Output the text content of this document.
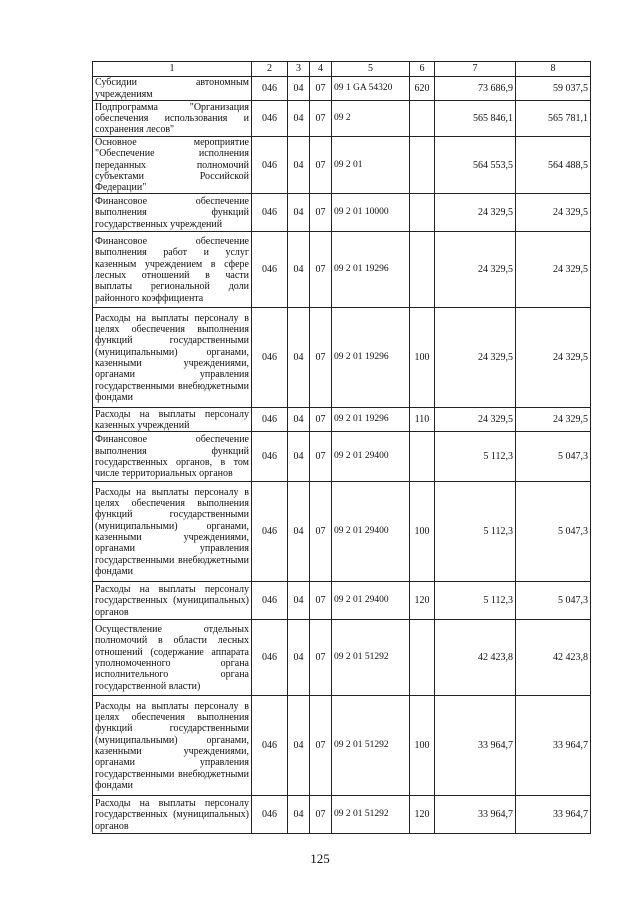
1	2	3	4	5	6	7	8
Субсидии автономным учреждениям	046	04	07	09 1 GA 54320	620	73 686,9	59 037,5
Подпрограмма "Организация обеспечения использования и сохранения лесов"	046	04	07	09 2		565 846,1	565 781,1
Основное мероприятие "Обеспечение исполнения переданных полномочий субъектами Российской Федерации"	046	04	07	09 2 01		564 553,5	564 488,5
Финансовое обеспечение выполнения функций государственных учреждений	046	04	07	09 2 01 10000		24 329,5	24 329,5
Финансовое обеспечение выполнения работ и услуг казенным учреждением в сфере лесных отношений в части выплаты региональной доли районного коэффициента	046	04	07	09 2 01 19296		24 329,5	24 329,5
Расходы на выплаты персоналу в целях обеспечения выполнения функций государственными (муниципальными) органами, казенными учреждениями, органами управления государственными внебюджетными фондами	046	04	07	09 2 01 19296	100	24 329,5	24 329,5
Расходы на выплаты персоналу казенных учреждений	046	04	07	09 2 01 19296	110	24 329,5	24 329,5
Финансовое обеспечение выполнения функций государственных органов, в том числе территориальных органов	046	04	07	09 2 01 29400		5 112,3	5 047,3
Расходы на выплаты персоналу в целях обеспечения выполнения функций государственными (муниципальными) органами, казенными учреждениями, органами управления государственными внебюджетными фондами	046	04	07	09 2 01 29400	100	5 112,3	5 047,3
Расходы на выплаты персоналу государственных (муниципальных) органов	046	04	07	09 2 01 29400	120	5 112,3	5 047,3
Осуществление отдельных полномочий в области лесных отношений (содержание аппарата уполномоченного органа исполнительного органа государственной власти)	046	04	07	09 2 01 51292		42 423,8	42 423,8
Расходы на выплаты персоналу в целях обеспечения выполнения функций государственными (муниципальными) органами, казенными учреждениями, органами управления государственными внебюджетными фондами	046	04	07	09 2 01 51292	100	33 964,7	33 964,7
Расходы на выплаты персоналу государственных (муниципальных) органов	046	04	07	09 2 01 51292	120	33 964,7	33 964,7
125
